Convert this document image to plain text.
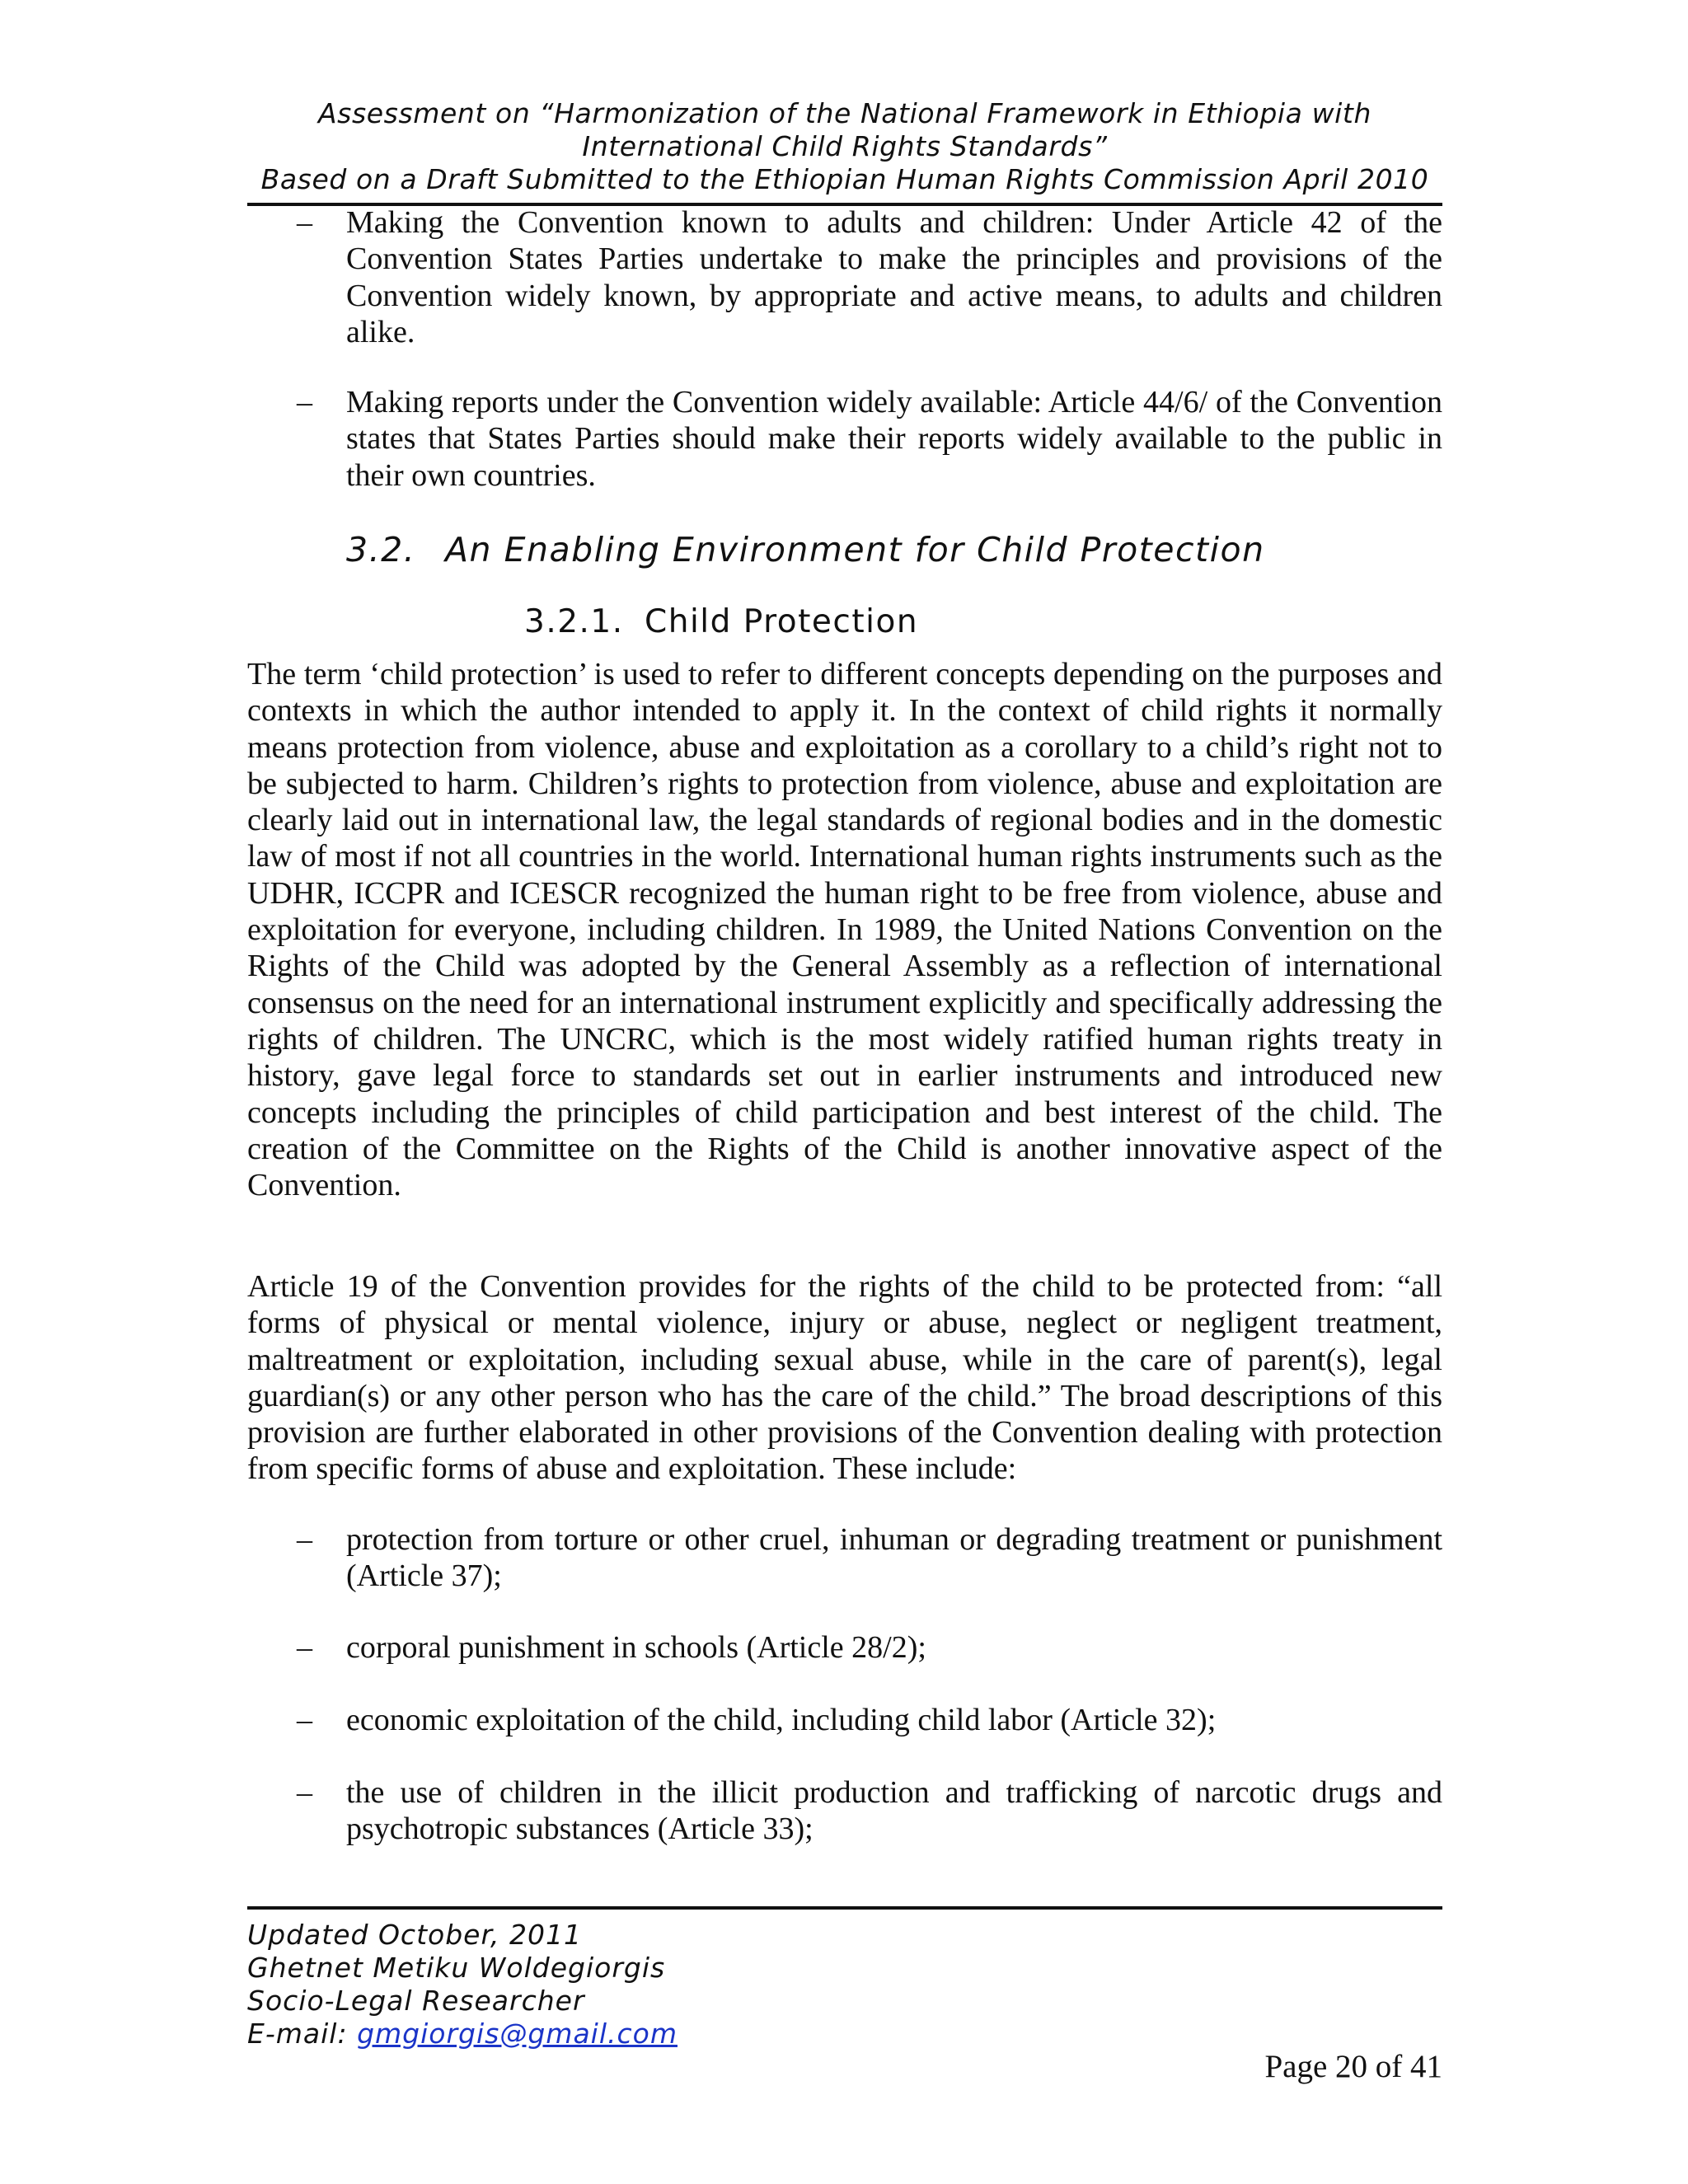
Assessment on “Harmonization of the National Framework in Ethiopia with
International Child Rights Standards”
Based on a Draft Submitted to the Ethiopian Human Rights Commission April 2010
– Making the Convention known to adults and children: Under Article 42 of the Convention States Parties undertake to make the principles and provisions of the Convention widely known, by appropriate and active means, to adults and children alike.
– Making reports under the Convention widely available: Article 44/6/ of the Convention states that States Parties should make their reports widely available to the public in their own countries.
3.2. An Enabling Environment for Child Protection
3.2.1. Child Protection
The term ‘child protection’ is used to refer to different concepts depending on the purposes and contexts in which the author intended to apply it. In the context of child rights it normally means protection from violence, abuse and exploitation as a corollary to a child’s right not to be subjected to harm. Children’s rights to protection from violence, abuse and exploitation are clearly laid out in international law, the legal standards of regional bodies and in the domestic law of most if not all countries in the world. International human rights instruments such as the UDHR, ICCPR and ICESCR recognized the human right to be free from violence, abuse and exploitation for everyone, including children. In 1989, the United Nations Convention on the Rights of the Child was adopted by the General Assembly as a reflection of international consensus on the need for an international instrument explicitly and specifically addressing the rights of children. The UNCRC, which is the most widely ratified human rights treaty in history, gave legal force to standards set out in earlier instruments and introduced new concepts including the principles of child participation and best interest of the child. The creation of the Committee on the Rights of the Child is another innovative aspect of the Convention.
Article 19 of the Convention provides for the rights of the child to be protected from: “all forms of physical or mental violence, injury or abuse, neglect or negligent treatment, maltreatment or exploitation, including sexual abuse, while in the care of parent(s), legal guardian(s) or any other person who has the care of the child.” The broad descriptions of this provision are further elaborated in other provisions of the Convention dealing with protection from specific forms of abuse and exploitation. These include:
– protection from torture or other cruel, inhuman or degrading treatment or punishment (Article 37);
– corporal punishment in schools (Article 28/2);
– economic exploitation of the child, including child labor (Article 32);
– the use of children in the illicit production and trafficking of narcotic drugs and psychotropic substances (Article 33);
Updated October, 2011
Ghetnet Metiku Woldegiorgis
Socio-Legal Researcher
E-mail: gmgiorgis@gmail.com
Page 20 of 41
